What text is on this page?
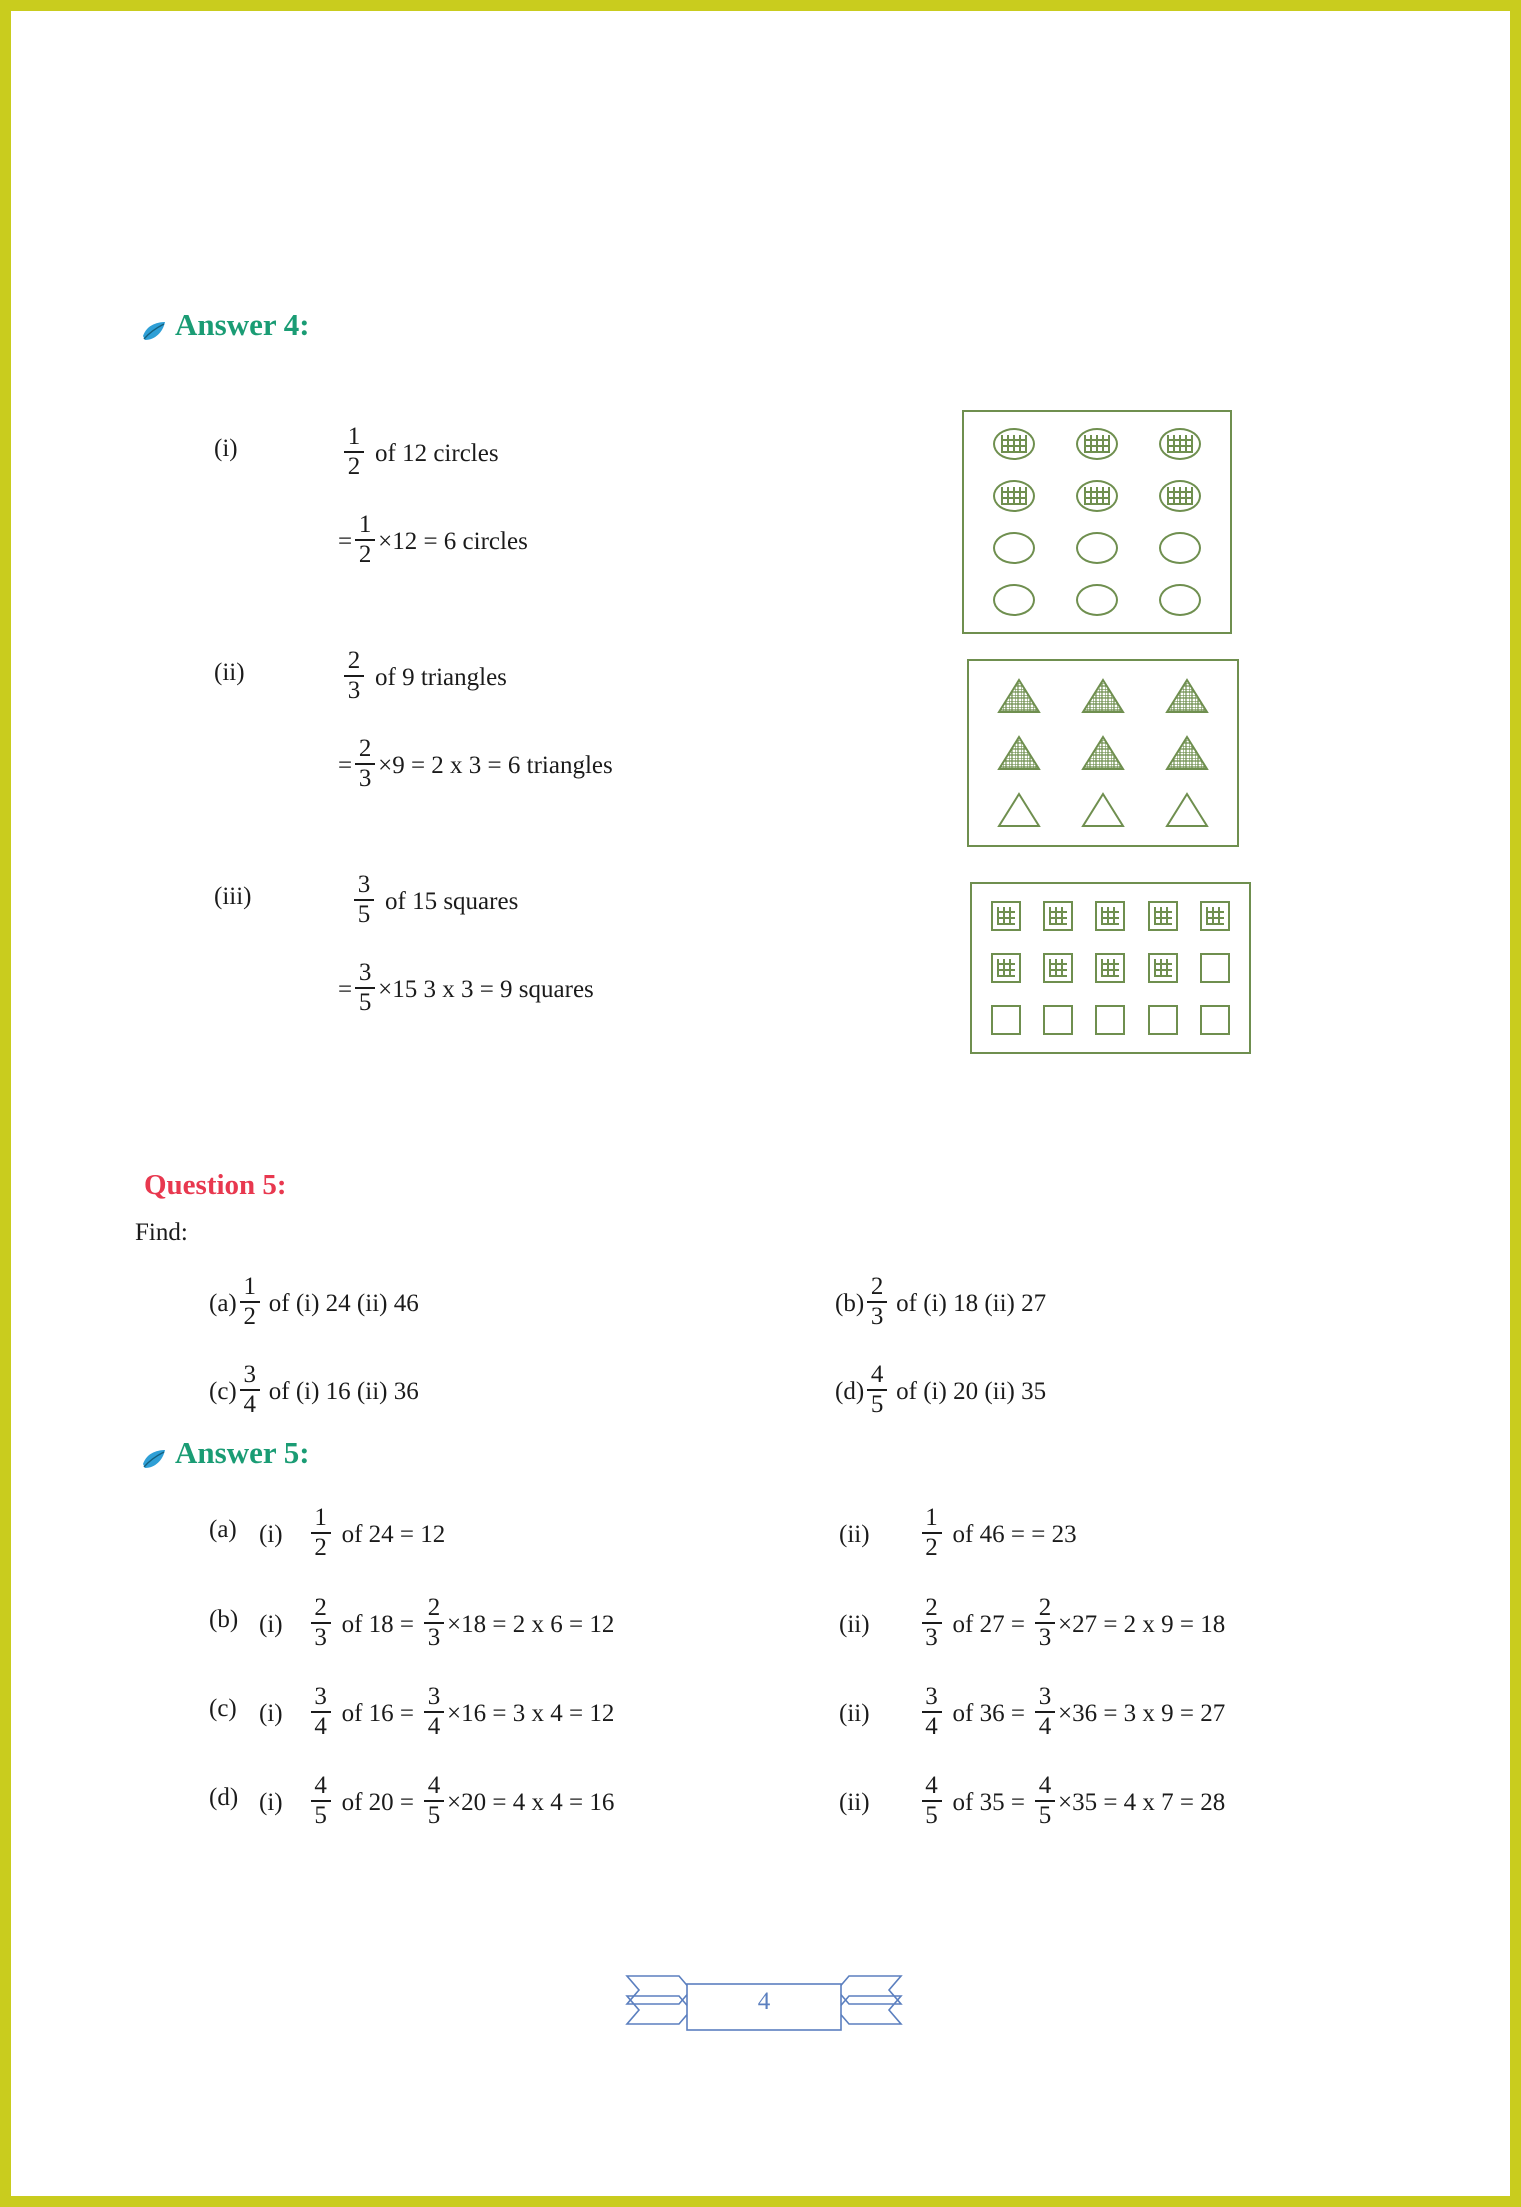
Answer 4:
(i)	$\frac{1}{2}$ of 12 circles
= $\frac{1}{2} \times 12 = 6$ circles
(ii)	$\frac{2}{3}$ of 9 triangles
= $\frac{2}{3} \times 9 = 2$ x 3 = 6 triangles
(iii)	$\frac{3}{5}$ of 15 squares
= $\frac{3}{5} \times 15$ 3 x 3 = 9 squares
Question 5:
Find:
$(a) \frac{1}{2}$ of (i) 24 (ii) 46	$(b) \frac{2}{3}$ of (i) 18 (ii) 27
$(c) \frac{3}{4}$ of (i) 16 (ii) 36	$(d) \frac{4}{5}$ of (i) 20 (ii) 35
Answer 5:
(a) $(i) \frac{1}{2}$ of 24 = 12	$(ii) \frac{1}{2}$ of 46 = = 23
(b) $(i) \frac{2}{3}$ of $18 = \frac{2}{3} \times 18 = 2$ x 6 = 12	$(ii) \frac{2}{3}$ of $27 = \frac{2}{3} \times 27 = 2$ x 9 = 18
(c) $(i) \frac{3}{4}$ of $16 = \frac{3}{4} \times 16 = 3$ x 4 = 12	$(ii) \frac{3}{4}$ of $36 = \frac{3}{4} \times 36 = 3$ x 9 = 27
(d) $(i) \frac{4}{5}$ of $20 = \frac{4}{5} \times 20 = 4$ x 4 = 16	$(ii) \frac{4}{5}$ of $35 = \frac{4}{5} \times 35 = 4$ x 7 = 28
4
